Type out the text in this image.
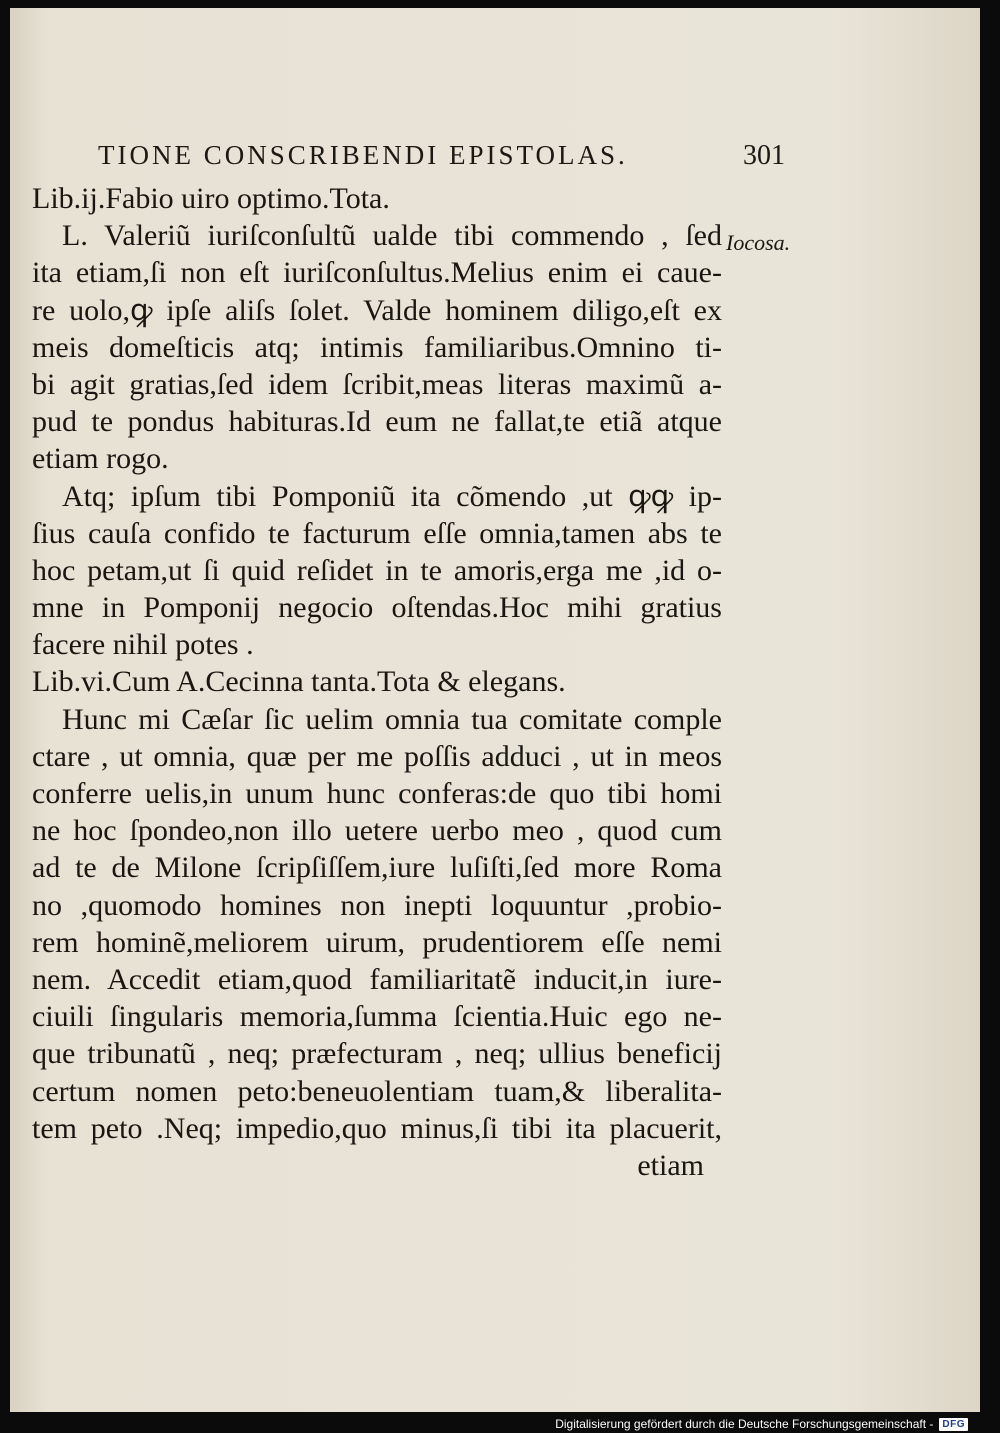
TIONE CONSCRIBENDI EPISTOLAS.	301
Iocosa.
Lib.ij.Fabio uiro optimo.Tota.
L. Valeriũ iuriſconſultũ ualde tibi commendo , ſed
ita etiam,ſi non eſt iuriſconſultus.Melius enim ei caue-
re uolo,ꝙ ipſe aliſs ſolet. Valde hominem diligo,eſt ex
meis domeſticis atq; intimis familiaribus.Omnino ti-
bi agit gratias,ſed idem ſcribit,meas literas maximũ a-
pud te pondus habituras.Id eum ne fallat,te etiã atque
etiam rogo.
Atq; ipſum tibi Pomponiũ ita cõmendo ,ut ꝙꝙ ip-
ſius cauſa confido te facturum eſſe omnia,tamen abs te
hoc petam,ut ſi quid reſidet in te amoris,erga me ,id o-
mne in Pomponij negocio oſtendas.Hoc mihi gratius
facere nihil potes .
Lib.vi.Cum A.Cecinna tanta.Tota & elegans.
Hunc mi Cæſar ſic uelim omnia tua comitate comple
ctare , ut omnia, quæ per me poſſis adduci , ut in meos
conferre uelis,in unum hunc conferas:de quo tibi homi
ne hoc ſpondeo,non illo uetere uerbo meo , quod cum
ad te de Milone ſcripſiſſem,iure luſiſti,ſed more Roma
no ,quomodo homines non inepti loquuntur ,probio-
rem hominẽ,meliorem uirum, prudentiorem eſſe nemi
nem. Accedit etiam,quod familiaritatẽ inducit,in iure-
ciuili ſingularis memoria,ſumma ſcientia.Huic ego ne-
que tribunatũ , neq; præfecturam , neq; ullius beneficij
certum nomen peto:beneuolentiam tuam,& liberalita-
tem peto .Neq; impedio,quo minus,ſi tibi ita placuerit,
etiam
Digitalisierung gefördert durch die Deutsche Forschungsgemeinschaft - DFG
